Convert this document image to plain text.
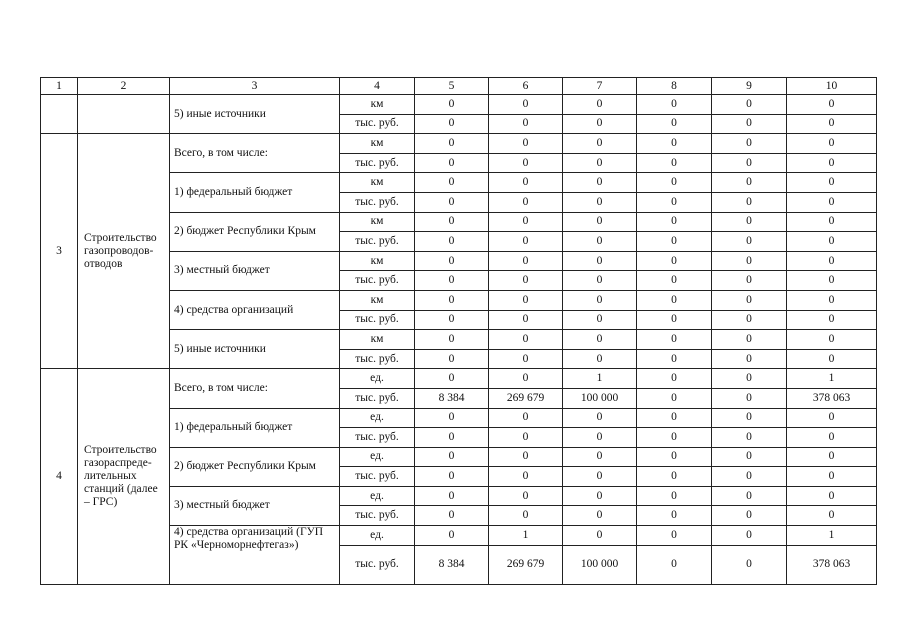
1	2	3	4	5	6	7	8	9	10
		5) иные источники	км	0	0	0	0	0	0
			тыс. руб.	0	0	0	0	0	0
3	Строительство газопроводов-отводов	Всего, в том числе:	км	0	0	0	0	0	0
			тыс. руб.	0	0	0	0	0	0
		1) федеральный бюджет	км	0	0	0	0	0	0
			тыс. руб.	0	0	0	0	0	0
		2) бюджет Республики Крым	км	0	0	0	0	0	0
			тыс. руб.	0	0	0	0	0	0
		3) местный бюджет	км	0	0	0	0	0	0
			тыс. руб.	0	0	0	0	0	0
		4) средства организаций	км	0	0	0	0	0	0
			тыс. руб.	0	0	0	0	0	0
		5) иные источники	км	0	0	0	0	0	0
			тыс. руб.	0	0	0	0	0	0
4	Строительство газораспреде-лительных станций (далее – ГРС)	Всего, в том числе:	ед.	0	0	1	0	0	1
			тыс. руб.	8 384	269 679	100 000	0	0	378 063
		1) федеральный бюджет	ед.	0	0	0	0	0	0
			тыс. руб.	0	0	0	0	0	0
		2) бюджет Республики Крым	ед.	0	0	0	0	0	0
			тыс. руб.	0	0	0	0	0	0
		3) местный бюджет	ед.	0	0	0	0	0	0
			тыс. руб.	0	0	0	0	0	0
		4) средства организаций (ГУП РК «Черноморнефтегаз»)	ед.	0	1	0	0	0	1
			тыс. руб.	8 384	269 679	100 000	0	0	378 063
